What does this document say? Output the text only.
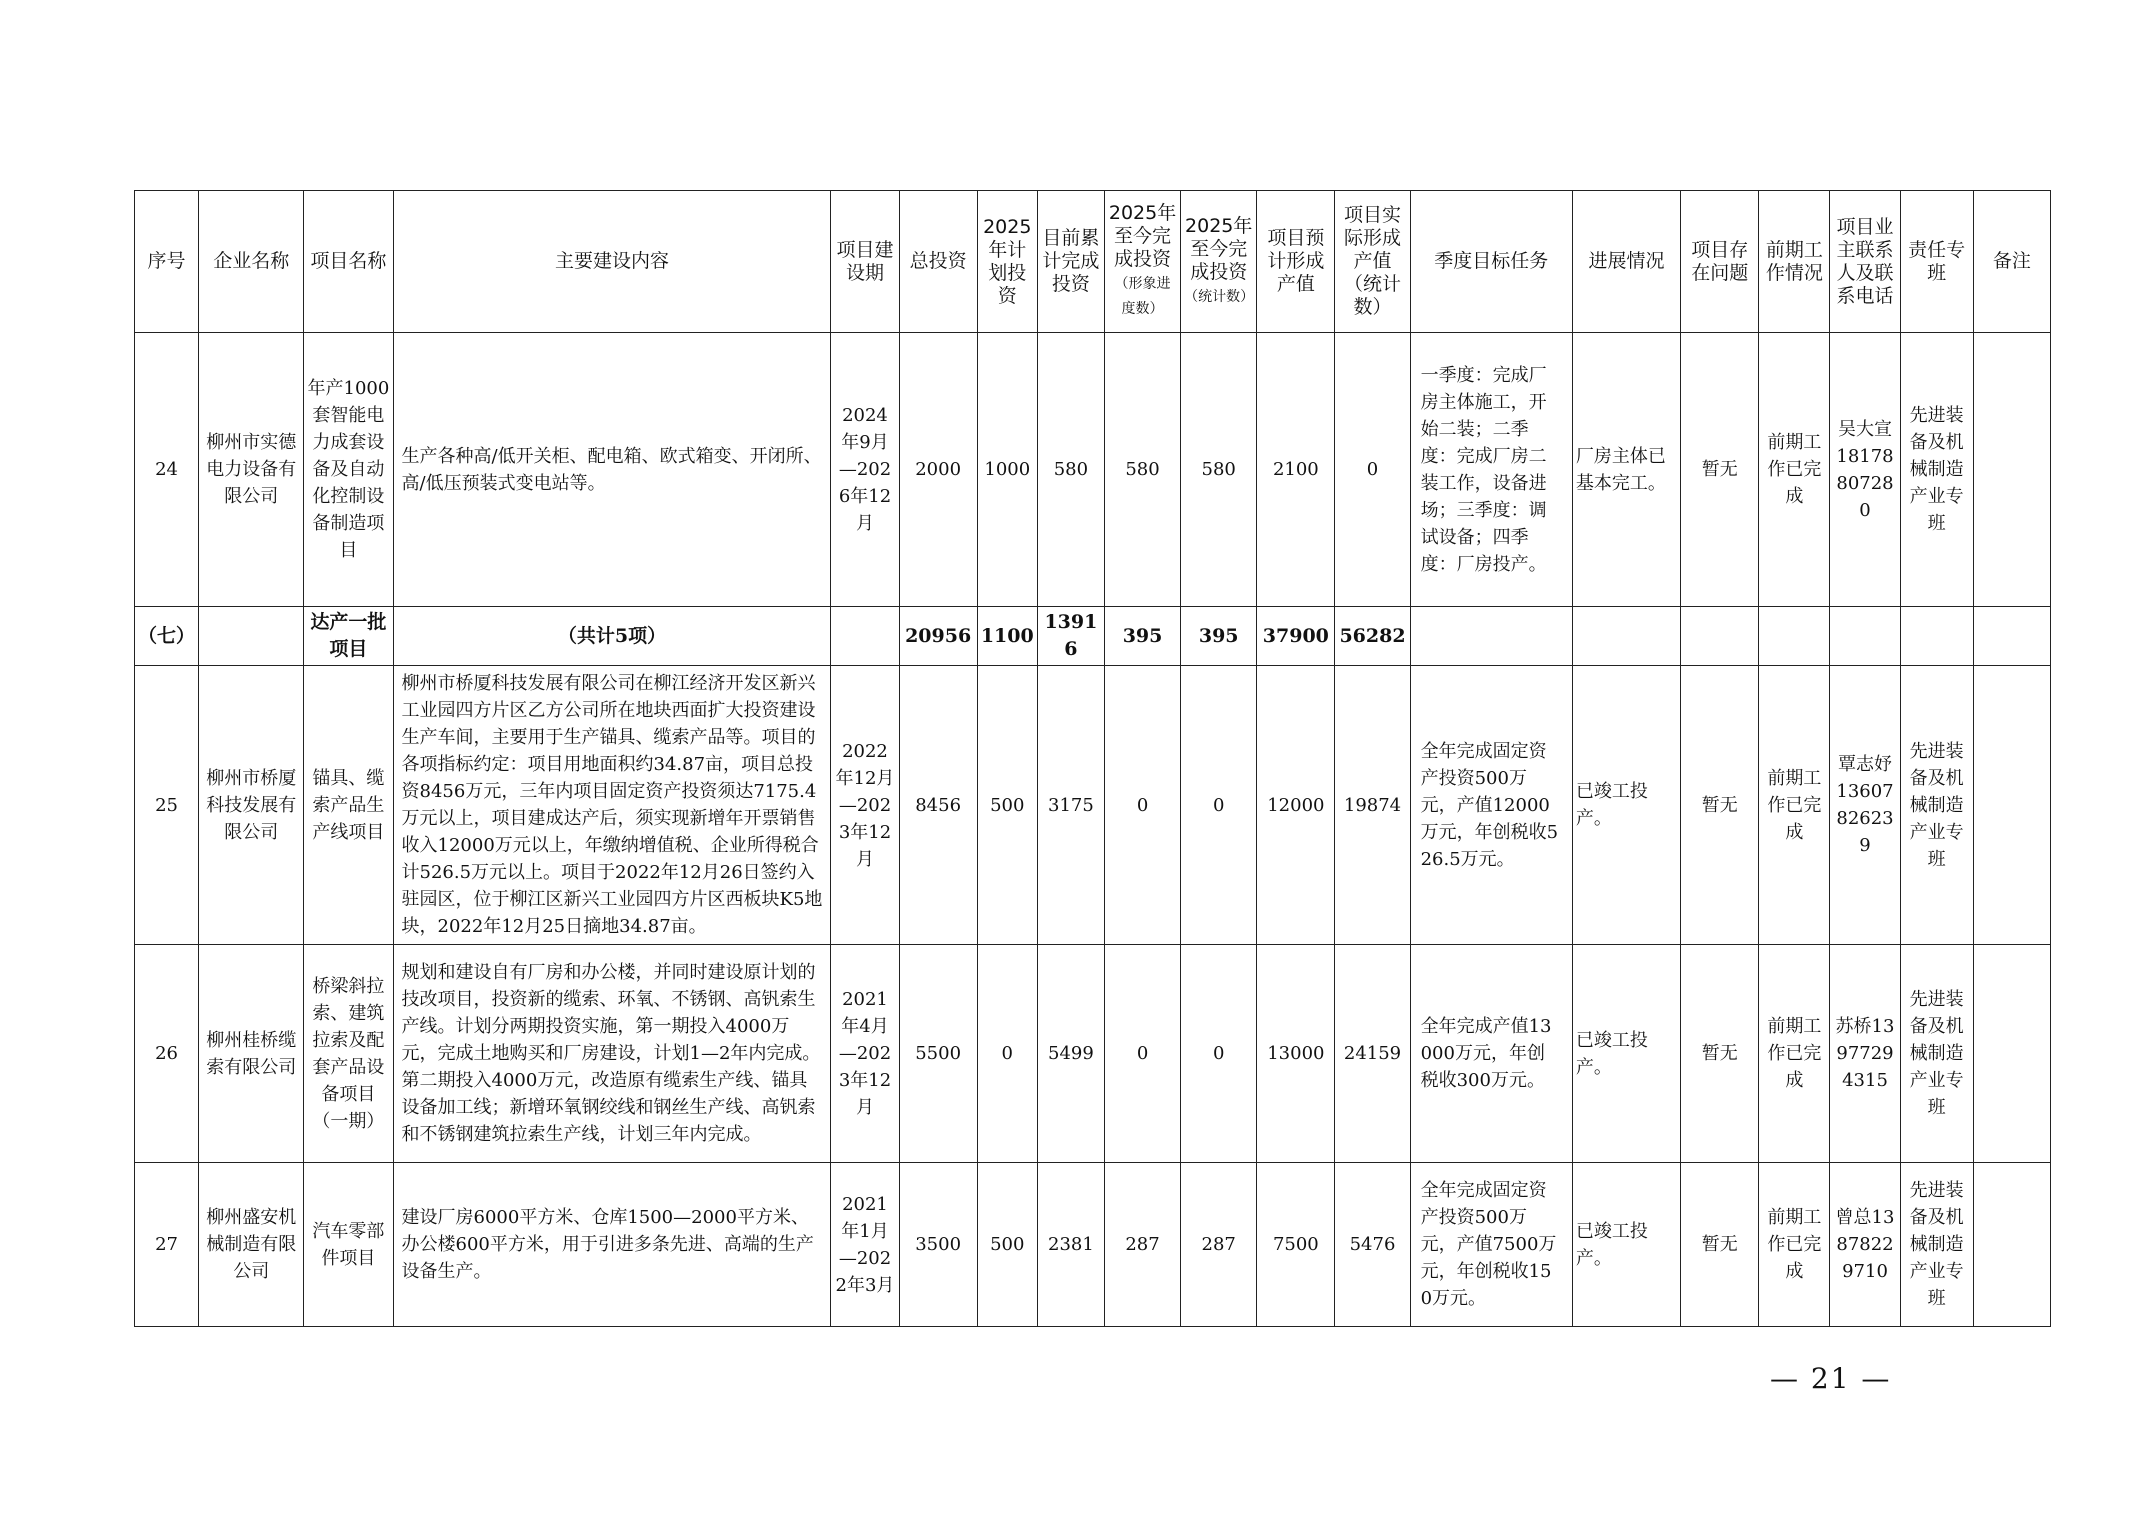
序号	企业名称	项目名称	主要建设内容	项目建设期	总投资	2025年计划投资	目前累计完成投资	2025年至今完成投资（形象进度数）	2025年至今完成投资（统计数）	项目预计形成产值	项目实际形成产值（统计数）	季度目标任务	进展情况	项目存在问题	前期工作情况	项目业主联系人及联系电话	责任专班	备注
24	柳州市实德电力设备有限公司	年产1000套智能电力成套设备及自动化控制设备制造项目	生产各种高/低开关柜、配电箱、欧式箱变、开闭所、高/低压预装式变电站等。	2024年9月—2026年12月	2000	1000	580	580	580	2100	0	一季度：完成厂房主体施工，开始二装；二季度：完成厂房二装工作，设备进场；三季度：调试设备；四季度：厂房投产。	厂房主体已基本完工。	暂无	前期工作已完成	吴大宣18178807280	先进装备及机械制造产业专班	
（七）		达产一批项目	（共计5项）		20956	1100	13916	395	395	37900	56282							
25	柳州市桥厦科技发展有限公司	锚具、缆索产品生产线项目	柳州市桥厦科技发展有限公司在柳江经济开发区新兴工业园四方片区乙方公司所在地块西面扩大投资建设生产车间，主要用于生产锚具、缆索产品等。项目的各项指标约定：项目用地面积约34.87亩，项目总投资8456万元，三年内项目固定资产投资须达7175.4万元以上，项目建成达产后，须实现新增年开票销售收入12000万元以上，年缴纳增值税、企业所得税合计526.5万元以上。项目于2022年12月26日签约入驻园区，位于柳江区新兴工业园四方片区西板块K5地块，2022年12月25日摘地34.87亩。	2022年12月—2023年12月	8456	500	3175	0	0	12000	19874	全年完成固定资产投资500万元，产值12000万元，年创税收526.5万元。	已竣工投产。	暂无	前期工作已完成	覃志妤13607826239	先进装备及机械制造产业专班	
26	柳州桂桥缆索有限公司	桥梁斜拉索、建筑拉索及配套产品设备项目（一期）	规划和建设自有厂房和办公楼，并同时建设原计划的技改项目，投资新的缆索、环氧、不锈钢、高钒索生产线。计划分两期投资实施，第一期投入4000万元，完成土地购买和厂房建设，计划1—2年内完成。第二期投入4000万元，改造原有缆索生产线、锚具设备加工线；新增环氧钢绞线和钢丝生产线、高钒索和不锈钢建筑拉索生产线，计划三年内完成。	2021年4月—2023年12月	5500	0	5499	0	0	13000	24159	全年完成产值13000万元，年创税收300万元。	已竣工投产。	暂无	前期工作已完成	苏桥13977294315	先进装备及机械制造产业专班	
27	柳州盛安机械制造有限公司	汽车零部件项目	建设厂房6000平方米、仓库1500—2000平方米、办公楼600平方米，用于引进多条先进、高端的生产设备生产。	2021年1月—2022年3月	3500	500	2381	287	287	7500	5476	全年完成固定资产投资500万元，产值7500万元，年创税收150万元。	已竣工投产。	暂无	前期工作已完成	曾总13878229710	先进装备及机械制造产业专班	
— 21 —
